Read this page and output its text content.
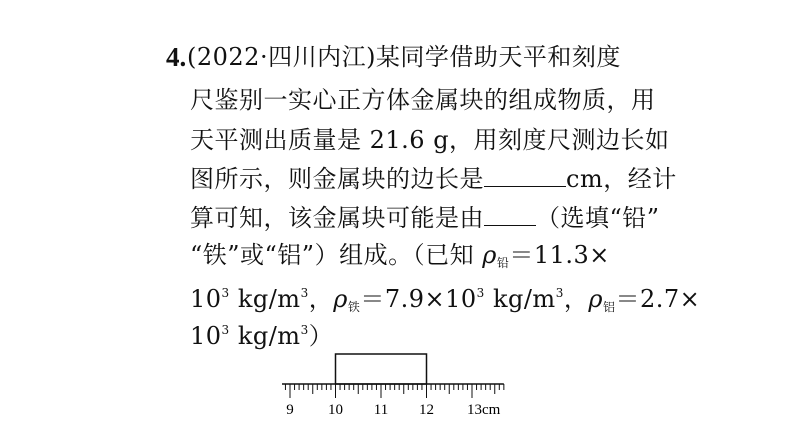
4. (2022·四川内江)某同学借助天平和刻度
尺鉴别一实心正方体金属块的组成物质，用
天平测出质量是 21.6 g，用刻度尺测边长如
图所示，则金属块的边长是	cm，经计
算可知，该金属块可能是由 （选填“铅”
“铁”或“铝”）组成。（已知 $\rho_铅=11.3\times$
$10^3$ $kg/m^3$，$\rho_铁=7.9\times 10^3$ $kg/m^3$，$\rho_铝=2.7\times$
$10^3$ $kg/m^3$）
9 10 11 12 13cm
